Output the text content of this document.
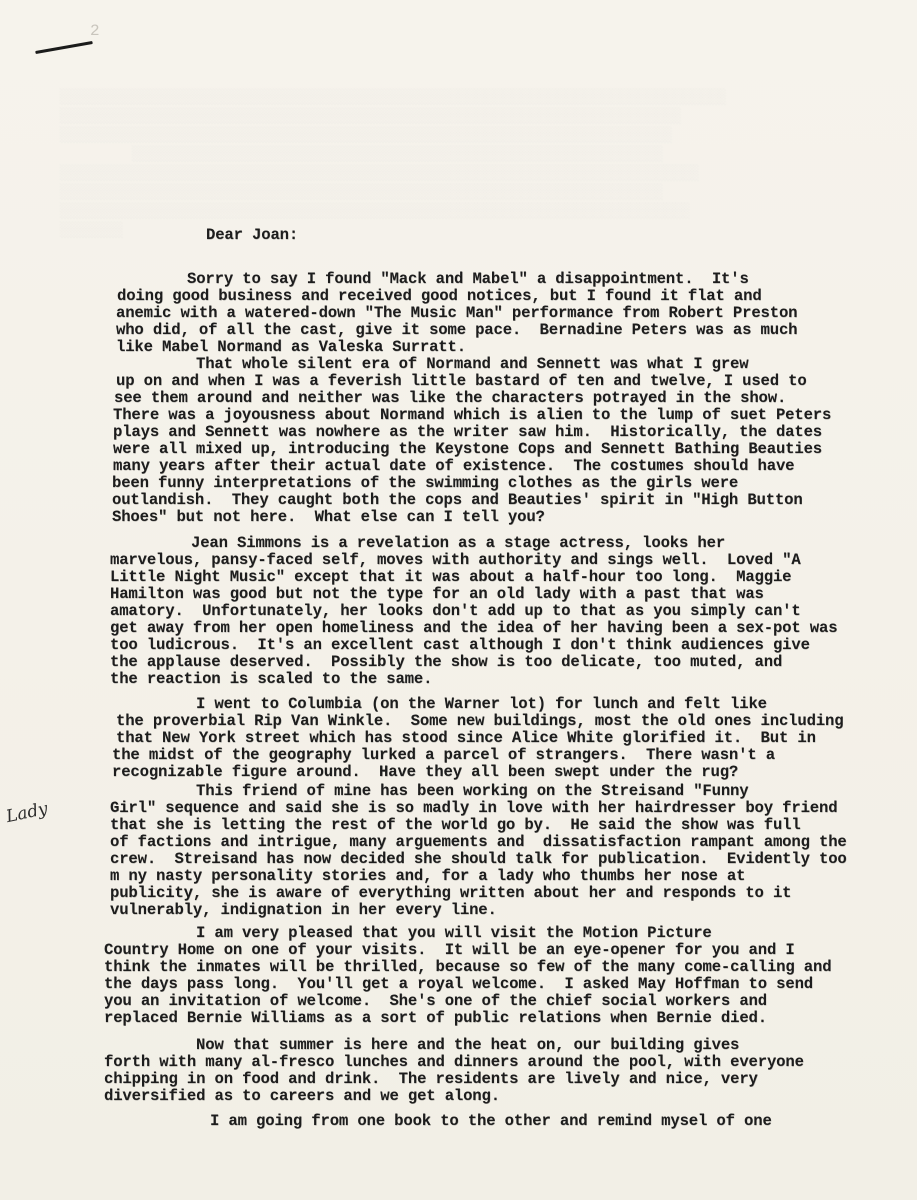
░░░░░░░░░░░░░░░░░░░░░░░░░░░░░░░░░░░░░░░░░░░░░░░░░░░░░░░░░░░░░░░░░░░░░░░░░░
░░░░░░░░░░░░░░░░░░░░░░░░░░░░░░░░░░░░░░░░░░░░░░░░░░░░░░░░░░░░░░░░░░░░░
░░░░░░░░░░░░░░░░░░░░░░░░░░░░░░░░░░░░░░░░░░░░░░░░░░░░░░░░░░░░░░░░░░░░
░░░░░░░░░░░░░░░░░░░░░░░░░░░░░░░░░░░░░░░░░░░░░░░░░░░░░░░░░░░
░░░░░░░░░░░░░░░░░░░░░░░░░░░░░░░░░░░░░░░░░░░░░░░░░░░░░░░░░░░░░░░░░░░░░░░
░░░░░░░░░░░░░░░░░░░░░░░░░░░░░░░░░░░░░░░░░░░░░░░░░░░░░░░░░░░░░░░░░░░
░░░░░░░░░░░░░░░░░░░░░░░░░░░░░░░░░░░░░░░░░░░░░░░░░░░░░░░░░░░░░░░░░░░░░░
░░░░░░░
2
Lady
Dear Joan:
Sorry to say I found "Mack and Mabel" a disappointment.  It's
doing good business and received good notices, but I found it flat and
anemic with a watered-down "The Music Man" performance from Robert Preston
who did, of all the cast, give it some pace.  Bernadine Peters was as much
like Mabel Normand as Valeska Surratt.
That whole silent era of Normand and Sennett was what I grew
up on and when I was a feverish little bastard of ten and twelve, I used to
see them around and neither was like the characters potrayed in the show.
There was a joyousness about Normand which is alien to the lump of suet Peters
plays and Sennett was nowhere as the writer saw him.  Historically, the dates
were all mixed up, introducing the Keystone Cops and Sennett Bathing Beauties
many years after their actual date of existence.  The costumes should have
been funny interpretations of the swimming clothes as the girls were
outlandish.  They caught both the cops and Beauties' spirit in "High Button
Shoes" but not here.  What else can I tell you?
Jean Simmons is a revelation as a stage actress, looks her
marvelous, pansy-faced self, moves with authority and sings well.  Loved "A
Little Night Music" except that it was about a half-hour too long.  Maggie
Hamilton was good but not the type for an old lady with a past that was
amatory.  Unfortunately, her looks don't add up to that as you simply can't
get away from her open homeliness and the idea of her having been a sex-pot was
too ludicrous.  It's an excellent cast although I don't think audiences give
the applause deserved.  Possibly the show is too delicate, too muted, and
the reaction is scaled to the same.
I went to Columbia (on the Warner lot) for lunch and felt like
the proverbial Rip Van Winkle.  Some new buildings, most the old ones including
that New York street which has stood since Alice White glorified it.  But in
the midst of the geography lurked a parcel of strangers.  There wasn't a
recognizable figure around.  Have they all been swept under the rug?
This friend of mine has been working on the Streisand "Funny
Girl" sequence and said she is so madly in love with her hairdresser boy friend
that she is letting the rest of the world go by.  He said the show was full
of factions and intrigue, many arguements and  dissatisfaction rampant among the
crew.  Streisand has now decided she should talk for publication.  Evidently too
m ny nasty personality stories and, for a lady who thumbs her nose at
publicity, she is aware of everything written about her and responds to it
vulnerably, indignation in her every line.
I am very pleased that you will visit the Motion Picture
Country Home on one of your visits.  It will be an eye-opener for you and I
think the inmates will be thrilled, because so few of the many come-calling and
the days pass long.  You'll get a royal welcome.  I asked May Hoffman to send
you an invitation of welcome.  She's one of the chief social workers and
replaced Bernie Williams as a sort of public relations when Bernie died.
Now that summer is here and the heat on, our building gives
forth with many al-fresco lunches and dinners around the pool, with everyone
chipping in on food and drink.  The residents are lively and nice, very
diversified as to careers and we get along.
I am going from one book to the other and remind mysel of one
